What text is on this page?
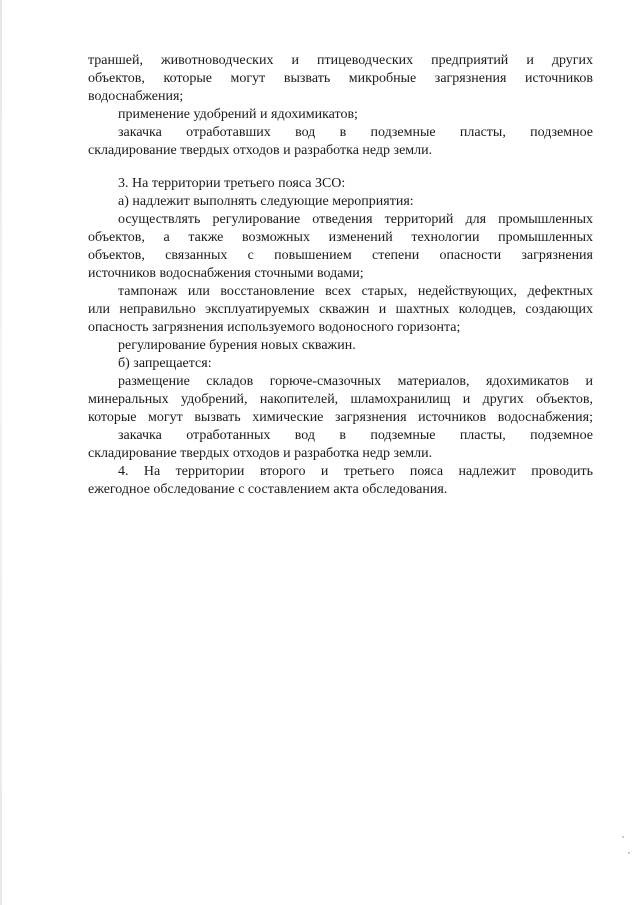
траншей, животноводческих и птицеводческих предприятий и других
объектов, которые могут вызвать микробные загрязнения источников
водоснабжения;
применение удобрений и ядохимикатов;
закачка отработавших вод в подземные пласты, подземное
складирование твердых отходов и разработка недр земли.
3. На территории третьего пояса ЗСО:
а) надлежит выполнять следующие мероприятия:
осуществлять регулирование отведения территорий для промышленных
объектов, а также возможных изменений технологии промышленных
объектов, связанных с повышением степени опасности загрязнения
источников водоснабжения сточными водами;
тампонаж или восстановление всех старых, недействующих, дефектных
или неправильно эксплуатируемых скважин и шахтных колодцев, создающих
опасность загрязнения используемого водоносного горизонта;
регулирование бурения новых скважин.
б) запрещается:
размещение складов горюче-смазочных материалов, ядохимикатов и
минеральных удобрений, накопителей, шламохранилищ и других объектов,
которые могут вызвать химические загрязнения источников водоснабжения;
закачка отработанных вод в подземные пласты, подземное
складирование твердых отходов и разработка недр земли.
4. На территории второго и третьего пояса надлежит проводить
ежегодное обследование с составлением акта обследования.
